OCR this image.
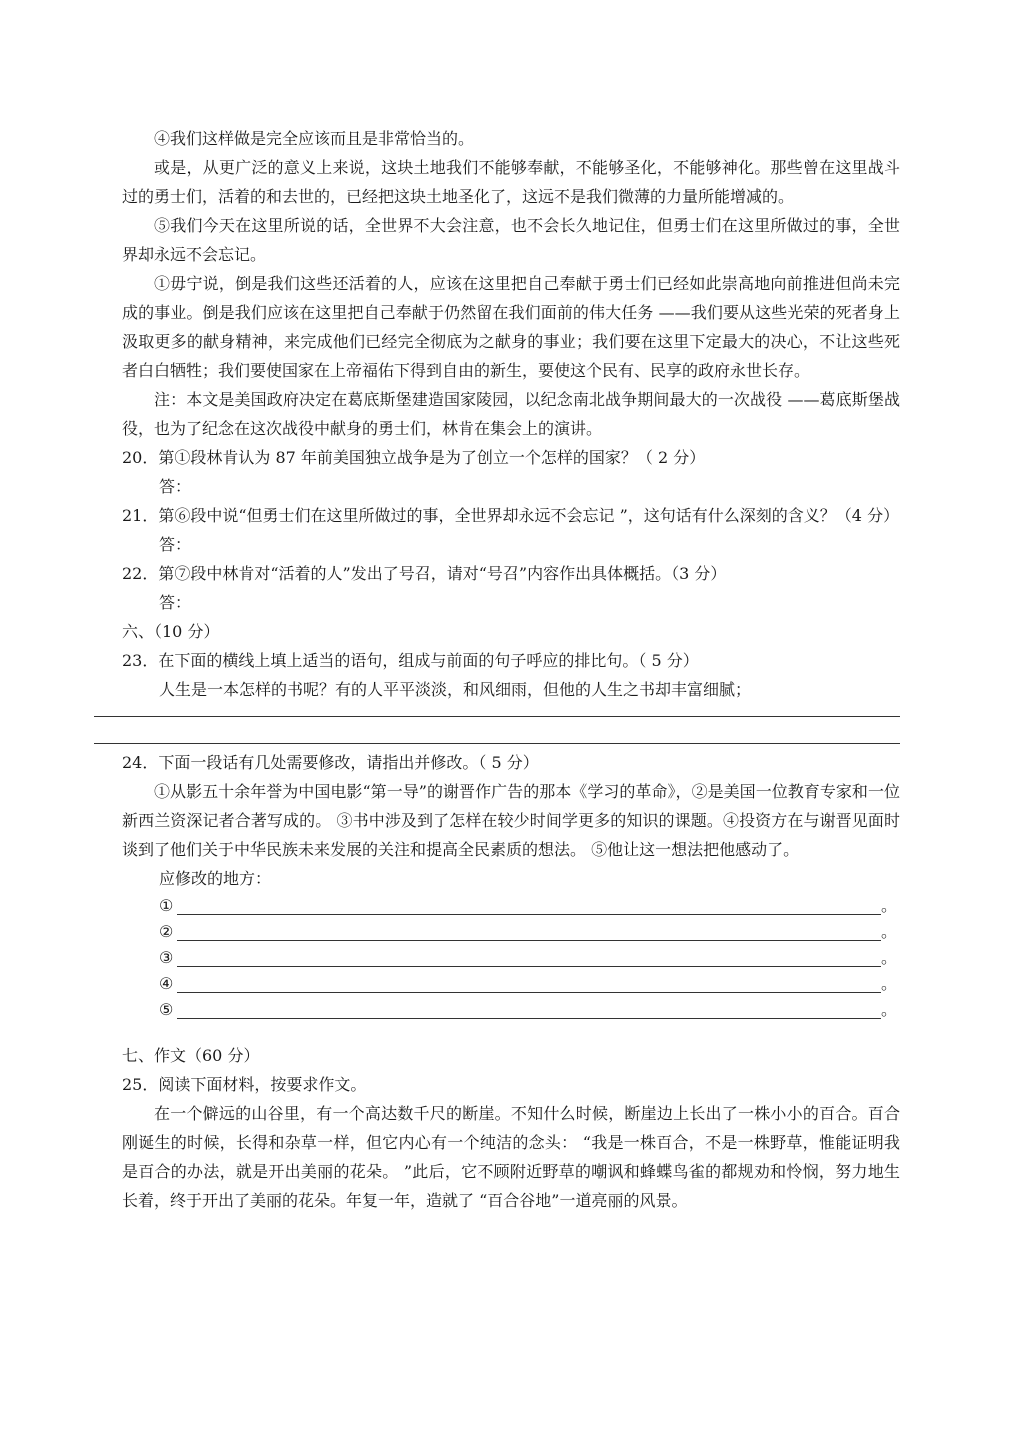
④我们这样做是完全应该而且是非常恰当的。

或是，从更广泛的意义上来说，这块土地我们不能够奉献，不能够圣化，不能够神化。那些曾在这里战斗过的勇士们，活着的和去世的，已经把这块土地圣化了，这远不是我们微薄的力量所能增减的。

⑤我们今天在这里所说的话，全世界不大会注意，也不会长久地记住，但勇士们在这里所做过的事，全世界却永远不会忘记。

①毋宁说，倒是我们这些还活着的人，应该在这里把自己奉献于勇士们已经如此崇高地向前推进但尚未完成的事业。倒是我们应该在这里把自己奉献于仍然留在我们面前的伟大任务 ——我们要从这些光荣的死者身上汲取更多的献身精神，来完成他们已经完全彻底为之献身的事业；我们要在这里下定最大的决心，不让这些死者白白牺牲；我们要使国家在上帝福佑下得到自由的新生，要使这个民有、民享的政府永世长存。

注：本文是美国政府决定在葛底斯堡建造国家陵园，以纪念南北战争期间最大的一次战役 ——葛底斯堡战役，也为了纪念在这次战役中献身的勇士们，林肯在集会上的演讲。

20．第①段林肯认为 87 年前美国独立战争是为了创立一个怎样的国家？（ 2 分）

答：

21．第⑥段中说“但勇士们在这里所做过的事，全世界却永远不会忘记 ”，这句话有什么深刻的含义？（4 分）

答：

22．第⑦段中林肯对“活着的人”发出了号召，请对“号召”内容作出具体概括。（3 分）

答：

六、（10 分）

23．在下面的横线上填上适当的语句，组成与前面的句子呼应的排比句。（ 5 分）

人生是一本怎样的书呢？有的人平平淡淡，和风细雨，但他的人生之书却丰富细腻；

24．下面一段话有几处需要修改，请指出并修改。（ 5 分）

①从影五十余年誉为中国电影“第一导”的谢晋作广告的那本《学习的革命》，②是美国一位教育专家和一位新西兰资深记者合著写成的。 ③书中涉及到了怎样在较少时间学更多的知识的课题。④投资方在与谢晋见面时谈到了他们关于中华民族未来发展的关注和提高全民素质的想法。 ⑤他让这一想法把他感动了。

应修改的地方：

①	。
②	。
③	。
④	。
⑤	。

七、作文（60 分）

25．阅读下面材料，按要求作文。

在一个僻远的山谷里，有一个高达数千尺的断崖。不知什么时候，断崖边上长出了一株小小的百合。百合刚诞生的时候，长得和杂草一样，但它内心有一个纯洁的念头： “我是一株百合，不是一株野草，惟能证明我是百合的办法，就是开出美丽的花朵。 ”此后，它不顾附近野草的嘲讽和蜂蝶鸟雀的都规劝和怜悯，努力地生长着，终于开出了美丽的花朵。年复一年，造就了 “百合谷地”一道亮丽的风景。
